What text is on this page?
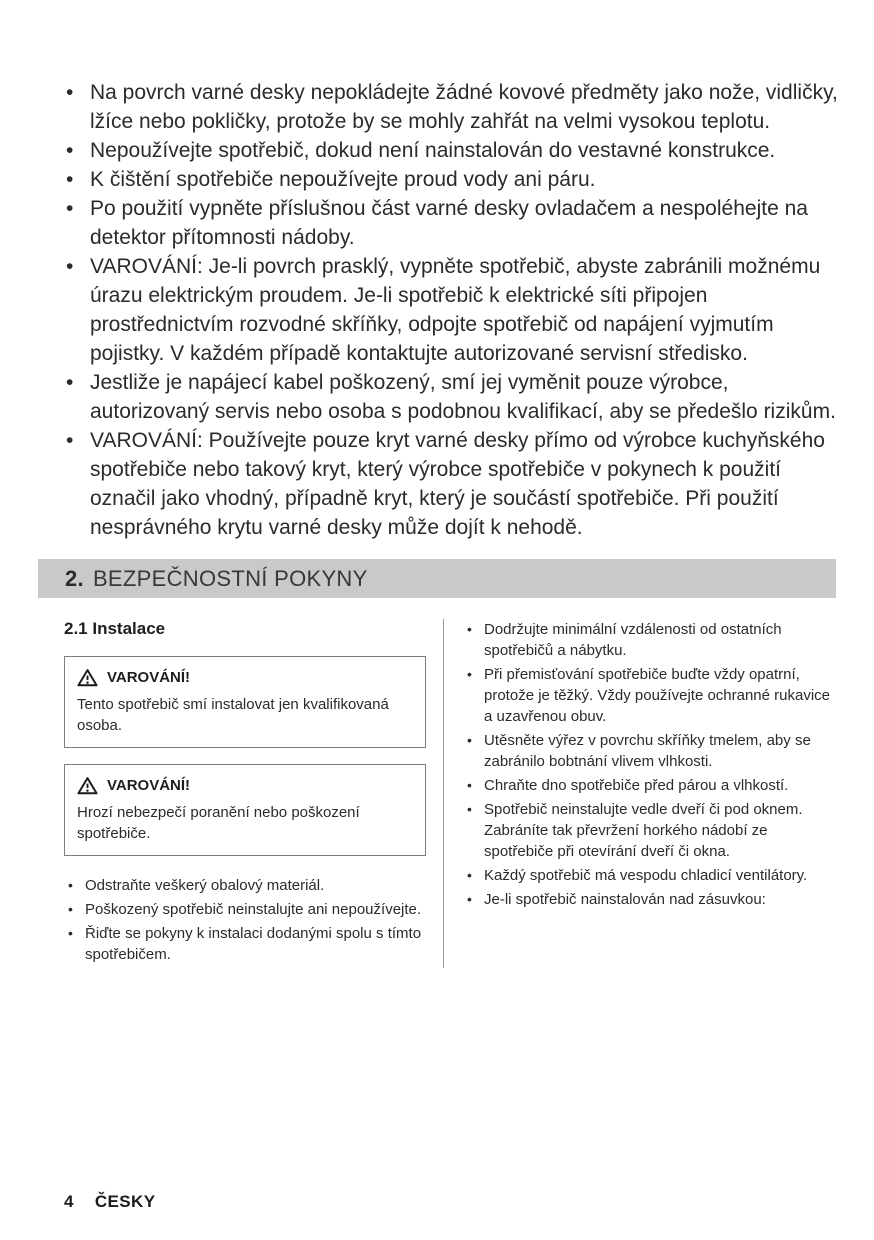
• Na povrch varné desky nepokládejte žádné kovové předměty jako nože, vidličky, lžíce nebo pokličky, protože by se mohly zahřát na velmi vysokou teplotu.
• Nepoužívejte spotřebič, dokud není nainstalován do vestavné konstrukce.
• K čištění spotřebiče nepoužívejte proud vody ani páru.
• Po použití vypněte příslušnou část varné desky ovladačem a nespoléhejte na detektor přítomnosti nádoby.
• VAROVÁNÍ: Je-li povrch prasklý, vypněte spotřebič, abyste zabránili možnému úrazu elektrickým proudem. Je-li spotřebič k elektrické síti připojen prostřednictvím rozvodné skříňky, odpojte spotřebič od napájení vyjmutím pojistky. V každém případě kontaktujte autorizované servisní středisko.
• Jestliže je napájecí kabel poškozený, smí jej vyměnit pouze výrobce, autorizovaný servis nebo osoba s podobnou kvalifikací, aby se předešlo rizikům.
• VAROVÁNÍ: Používejte pouze kryt varné desky přímo od výrobce kuchyňského spotřebiče nebo takový kryt, který výrobce spotřebiče v pokynech k použití označil jako vhodný, případně kryt, který je součástí spotřebiče. Při použití nesprávného krytu varné desky může dojít k nehodě.
2. BEZPEČNOSTNÍ POKYNY
2.1 Instalace
VAROVÁNÍ!
Tento spotřebič smí instalovat jen kvalifikovaná osoba.
VAROVÁNÍ!
Hrozí nebezpečí poranění nebo poškození spotřebiče.
• Odstraňte veškerý obalový materiál.
• Poškozený spotřebič neinstalujte ani nepoužívejte.
• Řiďte se pokyny k instalaci dodanými spolu s tímto spotřebičem.
• Dodržujte minimální vzdálenosti od ostatních spotřebičů a nábytku.
• Při přemisťování spotřebiče buďte vždy opatrní, protože je těžký. Vždy používejte ochranné rukavice a uzavřenou obuv.
• Utěsněte výřez v povrchu skříňky tmelem, aby se zabránilo bobtnání vlivem vlhkosti.
• Chraňte dno spotřebiče před párou a vlhkostí.
• Spotřebič neinstalujte vedle dveří či pod oknem. Zabráníte tak převržení horkého nádobí ze spotřebiče při otevírání dveří či okna.
• Každý spotřebič má vespodu chladicí ventilátory.
• Je-li spotřebič nainstalován nad zásuvkou:
4 ČESKY
